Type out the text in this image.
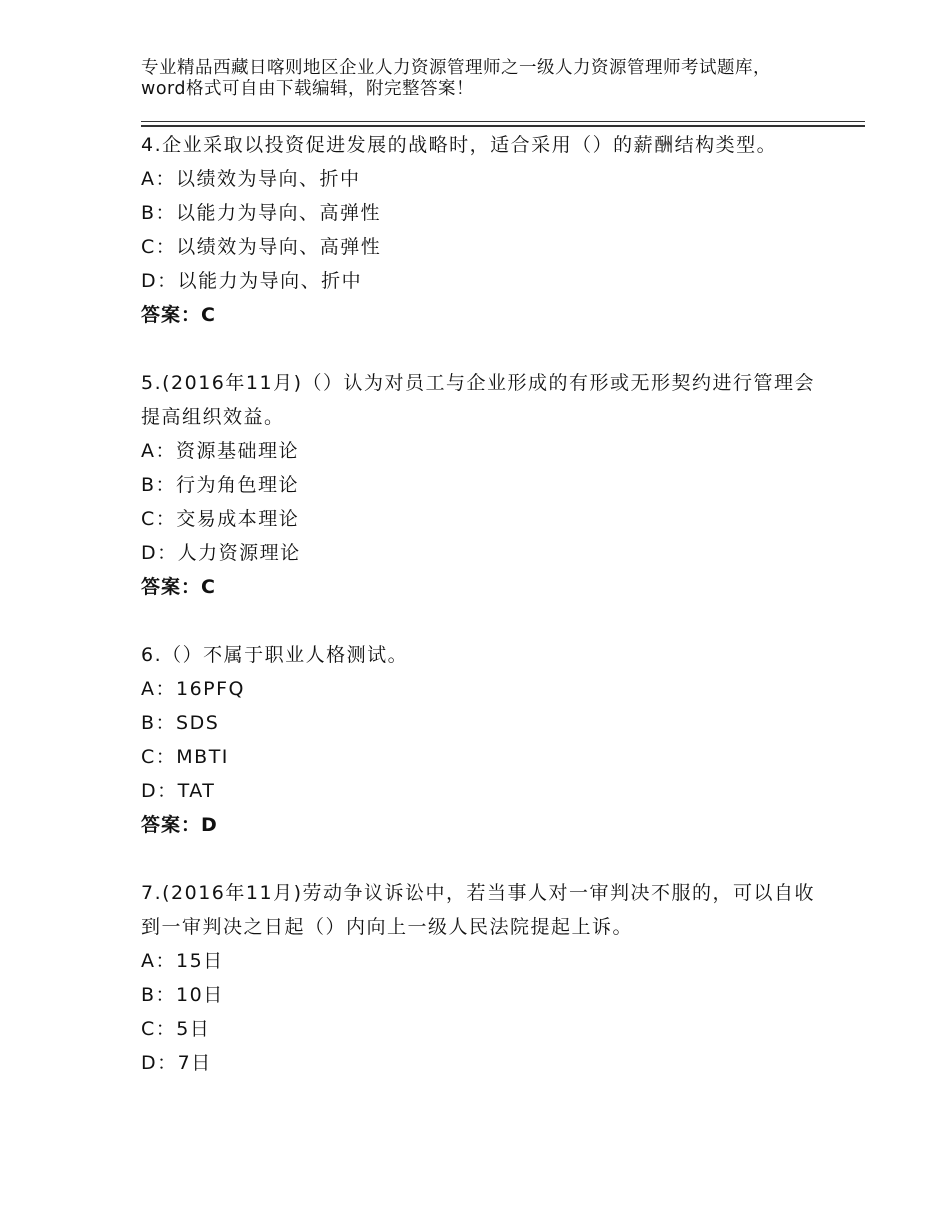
专业精品西藏日喀则地区企业人力资源管理师之一级人力资源管理师考试题库，word格式可自由下载编辑，附完整答案！
4.企业采取以投资促进发展的战略时，适合采用（）的薪酬结构类型。
A：以绩效为导向、折中
B：以能力为导向、高弹性
C：以绩效为导向、高弹性
D：以能力为导向、折中
答案：C
5.(2016年11月)（）认为对员工与企业形成的有形或无形契约进行管理会提高组织效益。
A：资源基础理论
B：行为角色理论
C：交易成本理论
D：人力资源理论
答案：C
6.（）不属于职业人格测试。
A：16PFQ
B：SDS
C：MBTI
D：TAT
答案：D
7.(2016年11月)劳动争议诉讼中，若当事人对一审判决不服的，可以自收到一审判决之日起（）内向上一级人民法院提起上诉。
A：15日
B：10日
C：5日
D：7日
